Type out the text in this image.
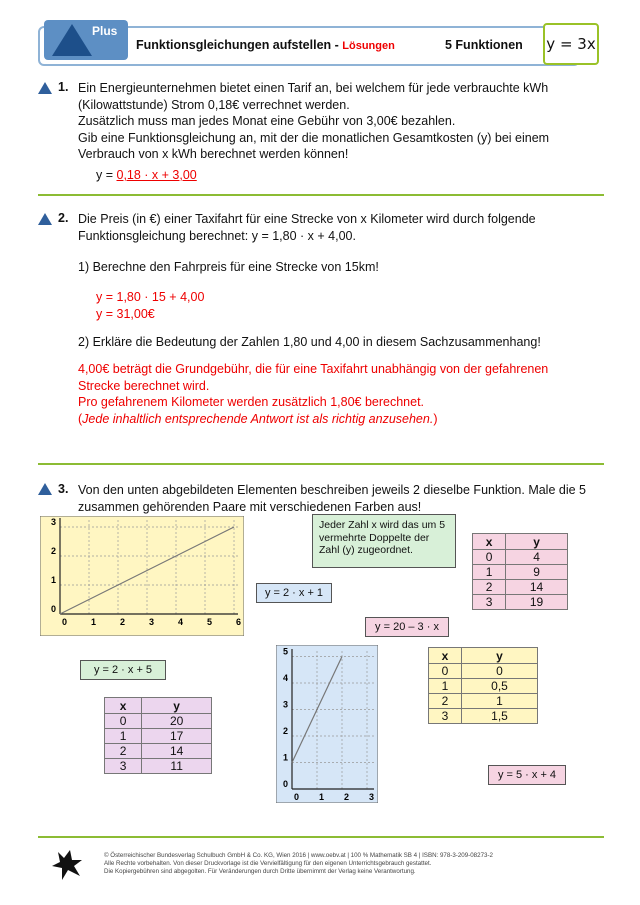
Plus
Funktionsgleichungen aufstellen - Lösungen	5 Funktionen y = 3x
1. Ein Energieunternehmen bietet einen Tarif an, bei welchem für jede verbrauchte kWh
(Kilowattstunde) Strom 0,18€ verrechnet werden.
Zusätzlich muss man jedes Monat eine Gebühr von 3,00€ bezahlen.
Gib eine Funktionsgleichung an, mit der die monatlichen Gesamtkosten (y) bei einem
Verbrauch von x kWh berechnet werden können!
y = 0,18 · x + 3,00
2. Die Preis (in €) einer Taxifahrt für eine Strecke von x Kilometer wird durch folgende
Funktionsgleichung berechnet: y = 1,80 · x + 4,00.
1) Berechne den Fahrpreis für eine Strecke von 15km!
y = 1,80 · 15 + 4,00
y = 31,00€
2) Erkläre die Bedeutung der Zahlen 1,80 und 4,00 in diesem Sachzusammenhang!
4,00€ beträgt die Grundgebühr, die für eine Taxifahrt unabhängig von der gefahrenen
Strecke berechnet wird.
Pro gefahrenem Kilometer werden zusätzlich 1,80€ berechnet.
(Jede inhaltlich entsprechende Antwort ist als richtig anzusehen.)
3. Von den unten abgebildeten Elementen beschreiben jeweils 2 dieselbe Funktion. Male die 5
zusammen gehörenden Paare mit verschiedenen Farben aus!
0	1	2	3	4	5	6
0
1
2
3	Jeder Zahl x wird das um 5 vermehrte Doppelte der Zahl (y) zugeordnet.
x	y
0	4
1	9
2	14
3	19
y = 2 · x + 1
y = 20 – 3 · x
y = 2 · x + 5
y = 5 · x + 4
0 1 2 3
0
1
2
3
4
5	x	y
0	0
1	0,5
2	1
3	1,5
x	y
0	20
1	17
2	14
3	11
© Österreichischer Bundesverlag Schulbuch GmbH & Co. KG, Wien 2016 | www.oebv.at | 100 % Mathematik SB 4 | ISBN: 978-3-209-08273-2
Alle Rechte vorbehalten. Von dieser Druckvorlage ist die Vervielfältigung für den eigenen Unterrichtsgebrauch gestattet.
Die Kopiergebühren sind abgegolten. Für Veränderungen durch Dritte übernimmt der Verlag keine Verantwortung.
